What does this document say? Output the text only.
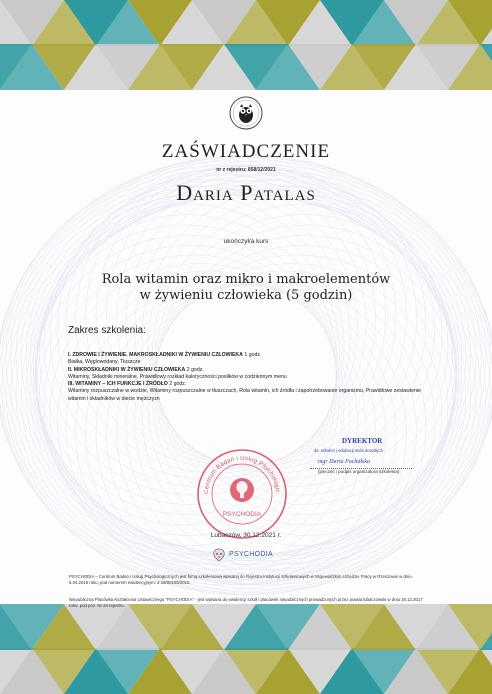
ZAŚWIADCZENIE
nr z rejestru: 858/12/2021
Daria Patalas
ukończył/a kurs
Rola witamin oraz mikro i makroelementów
w żywieniu człowieka (5 godzin)
Zakres szkolenia:
I. ZDROWIE I ŻYWIENIE. MAKROSKŁADNIKI W ŻYWIENIU CZŁOWIEKA 1 godz.
Białka, Węglowodany, Tłuszcze
II. MIKROSKŁADNIKI W ŻYWIENIU CZŁOWIEKA 2 godz.
Witaminy, Składniki mineralne, Prawidłowy rozkład kaloryczności posiłków w codziennym menu
III. WITAMINY – ICH FUNKCJE I ŹRÓDŁO 2 godz.
Witaminy rozpuszczalne w wodzie, Witaminy rozpuszczalne w tłuszczach, Rola witamin, ich źródła i zapotrzebowanie organizmu, Prawidłowe zestawienie witamin i składników w diecie mężczyzn
DYREKTOR
ds. szkoleń i edukacji osób dorosłych
mgr Daria Pochałska
(pieczęć i podpis organizatora szkolenia)
Centrum Badań i Usług Psychologic
PSYCHODIA
Lubaczów, 30.12.2021 r.
PSYCHODIA
PSYCHODIA – Centrum Badań i Usług Psychologicznych jest firmą szkoleniową wpisaną do Rejestru Instytucji Szkoleniowych w Wojewódzkim Urzędzie Pracy w Rzeszowie w dniu 5.04.2016 roku, pod numerem ewidencyjnym: 2.18/00109/2016.
Niepubliczna Placówka Kształcenia Ustawicznego "PSYCHODIA" - jest wpisana do ewidencji szkół i placówek niepublicznych prowadzonych przez powiat lubaczowski w dniu 19.12.2017 roku, pod poz. Nr 23 rejestru.
